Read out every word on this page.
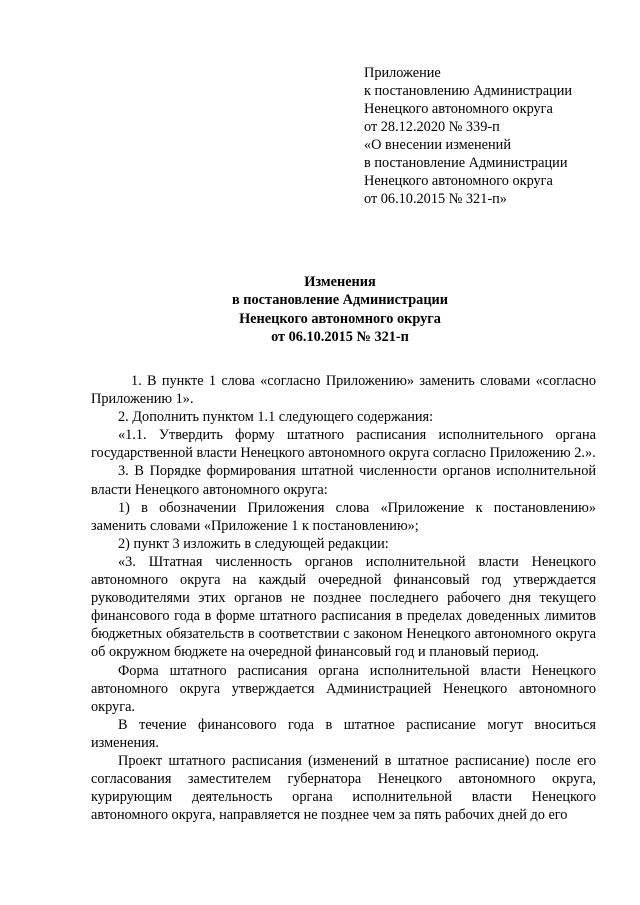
Приложение
к постановлению Администрации
Ненецкого автономного округа
от 28.12.2020 № 339-п
«О внесении изменений
в постановление Администрации
Ненецкого автономного округа
от 06.10.2015 № 321-п»
Изменения
в постановление Администрации
Ненецкого автономного округа
от 06.10.2015 № 321-п

1. В пункте 1 слова «согласно Приложению» заменить словами «согласно Приложению 1».

2. Дополнить пунктом 1.1 следующего содержания:

«1.1. Утвердить форму штатного расписания исполнительного органа государственной власти Ненецкого автономного округа согласно Приложению 2.».

3. В Порядке формирования штатной численности органов исполнительной власти Ненецкого автономного округа:

1) в обозначении Приложения слова «Приложение к постановлению» заменить словами «Приложение 1 к постановлению»;

2) пункт 3 изложить в следующей редакции:

«3. Штатная численность органов исполнительной власти Ненецкого автономного округа на каждый очередной финансовый год утверждается руководителями этих органов не позднее последнего рабочего дня текущего финансового года в форме штатного расписания в пределах доведенных лимитов бюджетных обязательств в соответствии с законом Ненецкого автономного округа об окружном бюджете на очередной финансовый год и плановый период.

Форма штатного расписания органа исполнительной власти Ненецкого автономного округа утверждается Администрацией Ненецкого автономного округа.

В течение финансового года в штатное расписание могут вноситься изменения.

Проект штатного расписания (изменений в штатное расписание) после его согласования заместителем губернатора Ненецкого автономного округа, курирующим деятельность органа исполнительной власти Ненецкого автономного округа, направляется не позднее чем за пять рабочих дней до его
